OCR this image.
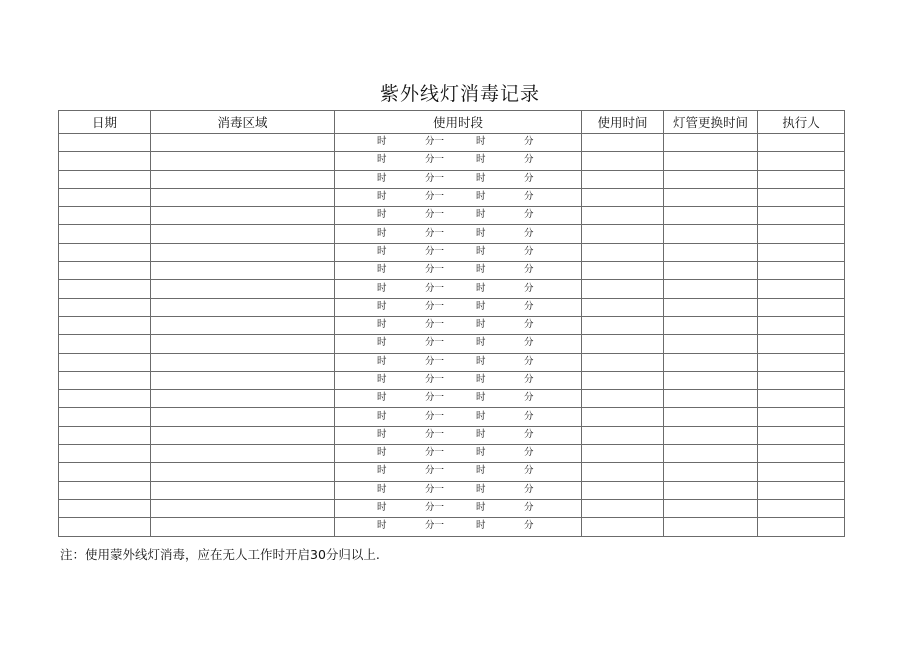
紫外线灯消毒记录
日期	消毒区域	使用时段	使用时间	灯管更换时间	执行人

		时 分一 时 分			

		时 分一 时 分			

		时 分一 时 分			

		时 分一 时 分			

		时 分一 时 分			

		时 分一 时 分			

		时 分一 时 分			

		时 分一 时 分			

		时 分一 时 分			

		时 分一 时 分			

		时 分一 时 分			

		时 分一 时 分			

		时 分一 时 分			

		时 分一 时 分			

		时 分一 时 分			

		时 分一 时 分			

		时 分一 时 分			

		时 分一 时 分			

		时 分一 时 分			

		时 分一 时 分			

		时 分一 时 分			

		时 分一 时 分			

注：使用蒙外线灯消毒，应在无人工作时开启30分归以上.
